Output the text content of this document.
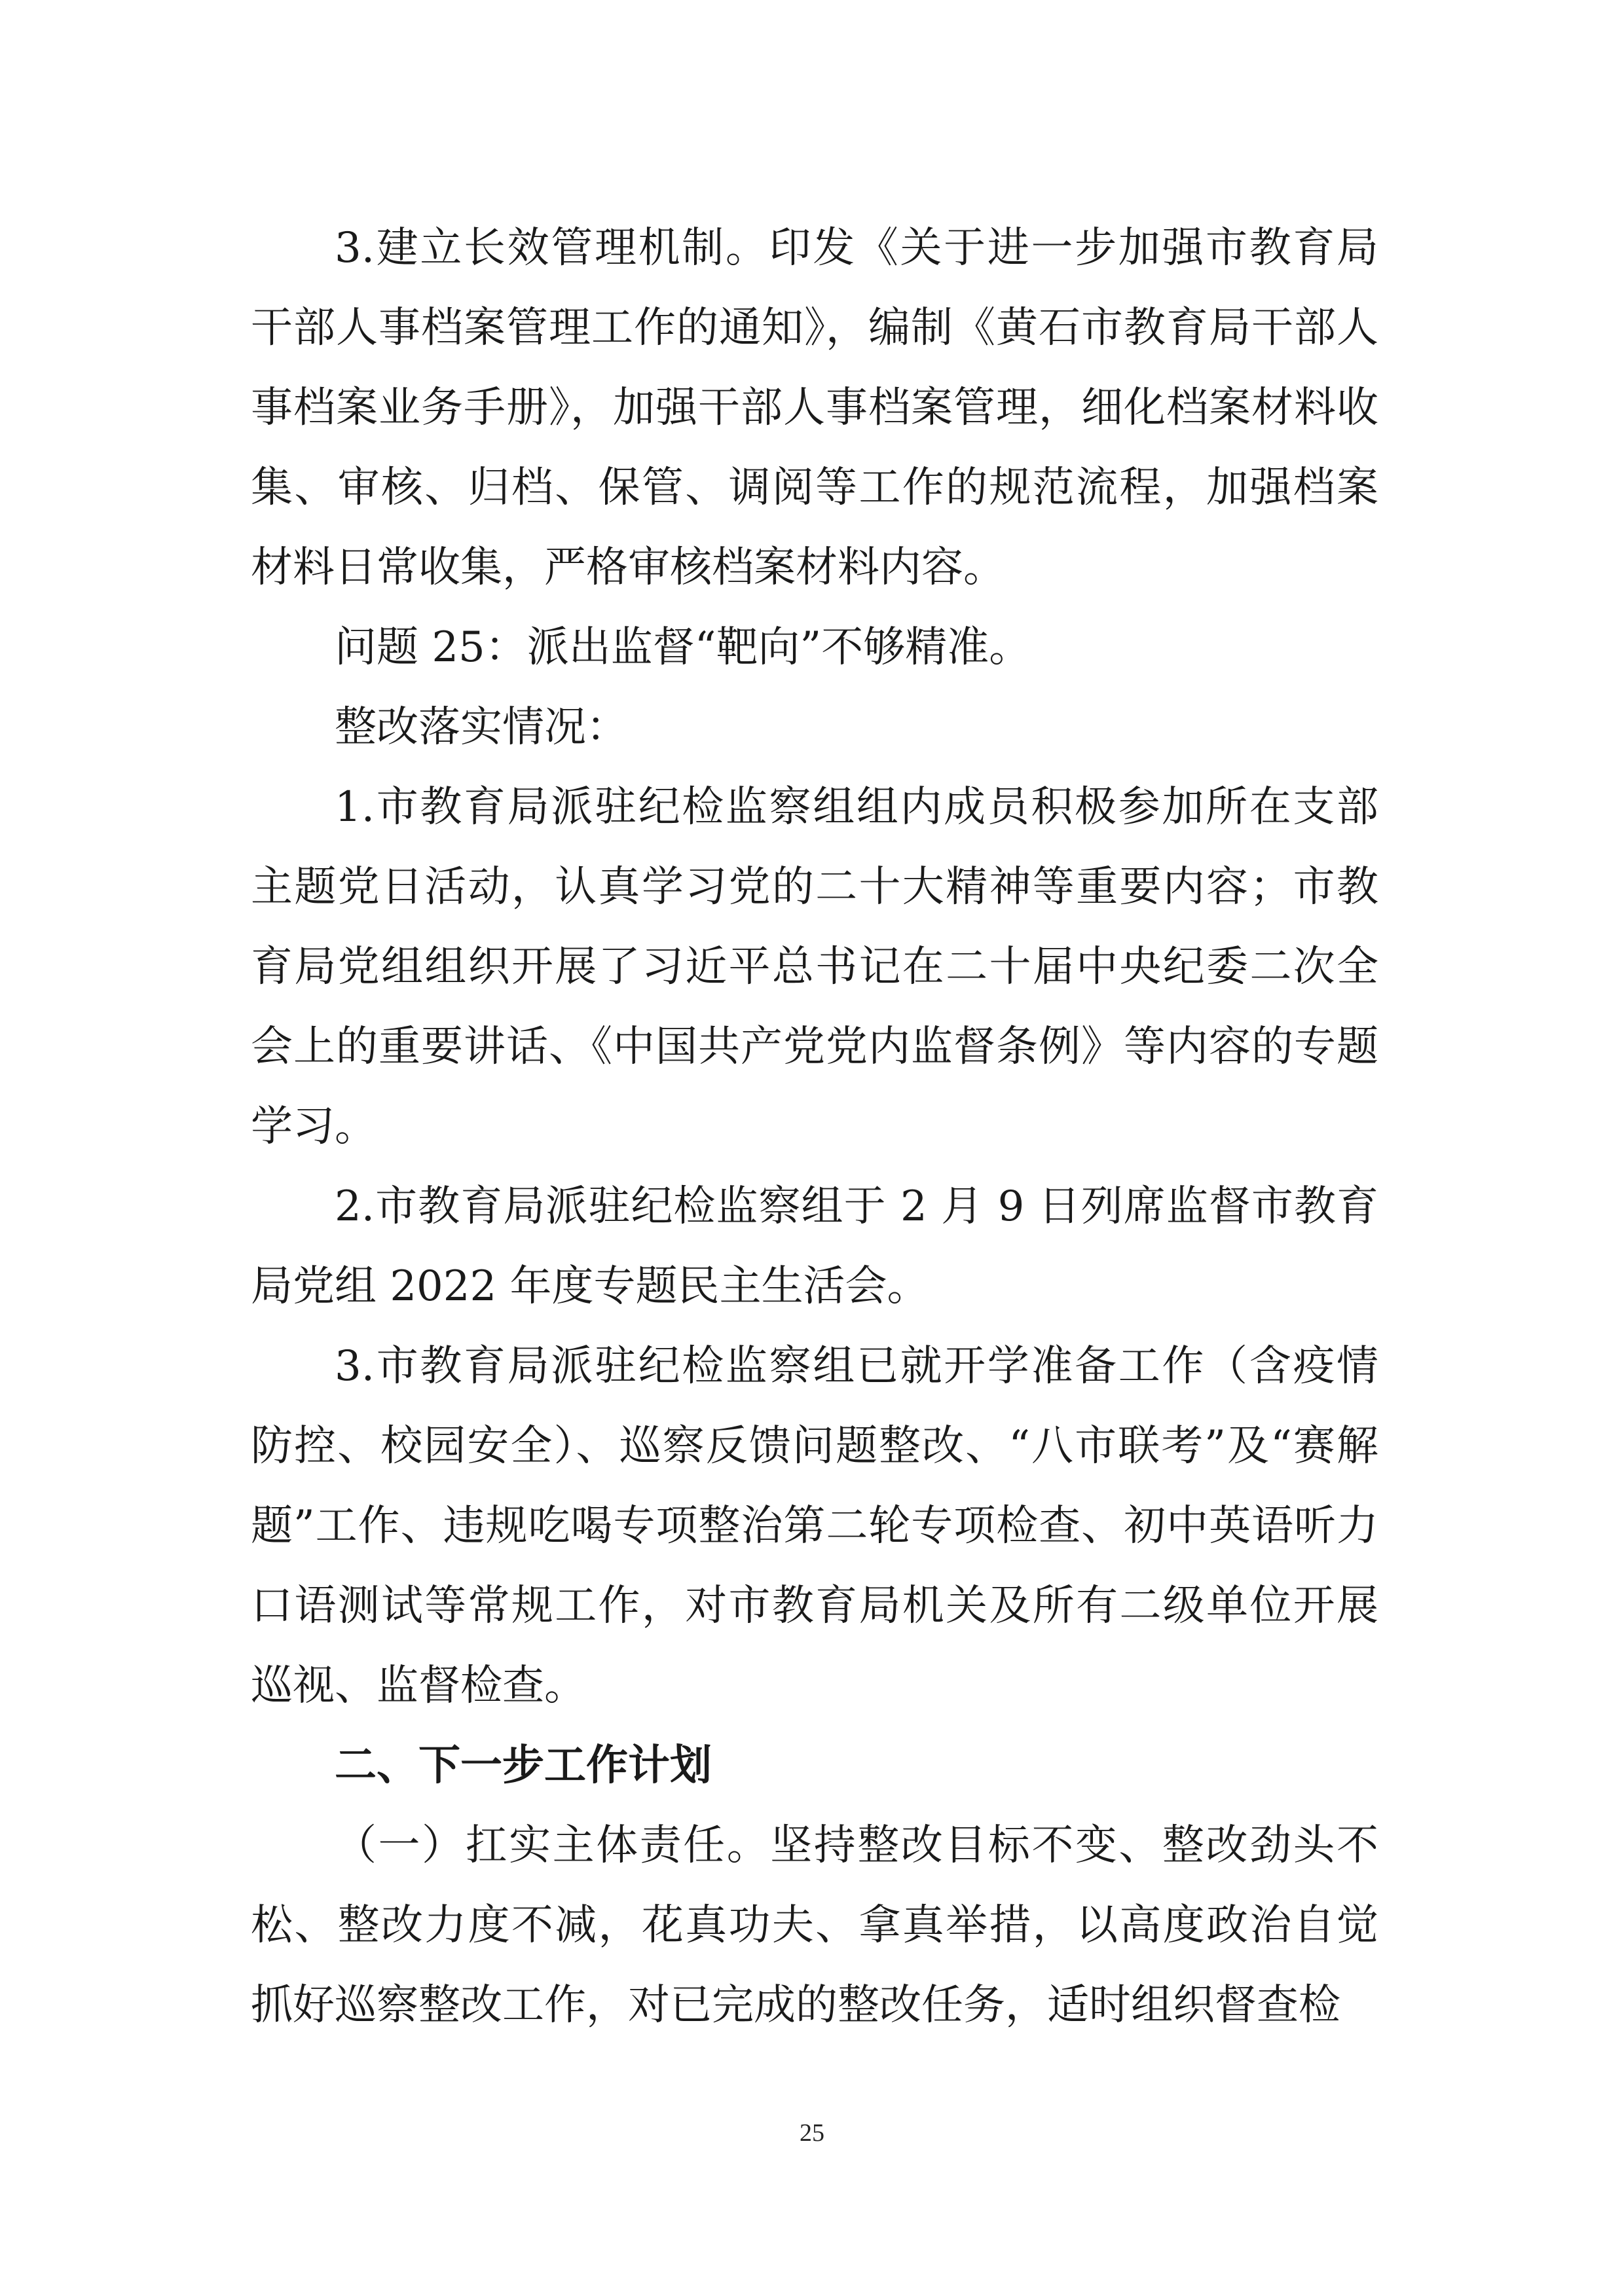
3.建立长效管理机制。印发《关于进一步加强市教育局干部人事档案管理工作的通知》，编制《黄石市教育局干部人事档案业务手册》，加强干部人事档案管理，细化档案材料收集、审核、归档、保管、调阅等工作的规范流程，加强档案材料日常收集，严格审核档案材料内容。

问题 25：派出监督“靶向”不够精准。

整改落实情况：

1.市教育局派驻纪检监察组组内成员积极参加所在支部主题党日活动，认真学习党的二十大精神等重要内容；市教育局党组组织开展了习近平总书记在二十届中央纪委二次全会上的重要讲话、《中国共产党党内监督条例》等内容的专题学习。

2.市教育局派驻纪检监察组于 2 月 9 日列席监督市教育局党组 2022 年度专题民主生活会。

3.市教育局派驻纪检监察组已就开学准备工作（含疫情防控、校园安全）、巡察反馈问题整改、“八市联考”及“赛解题”工作、违规吃喝专项整治第二轮专项检查、初中英语听力口语测试等常规工作，对市教育局机关及所有二级单位开展巡视、监督检查。

二、下一步工作计划

（一）扛实主体责任。坚持整改目标不变、整改劲头不松、整改力度不减，花真功夫、拿真举措，以高度政治自觉抓好巡察整改工作，对已完成的整改任务，适时组织督查检

25
